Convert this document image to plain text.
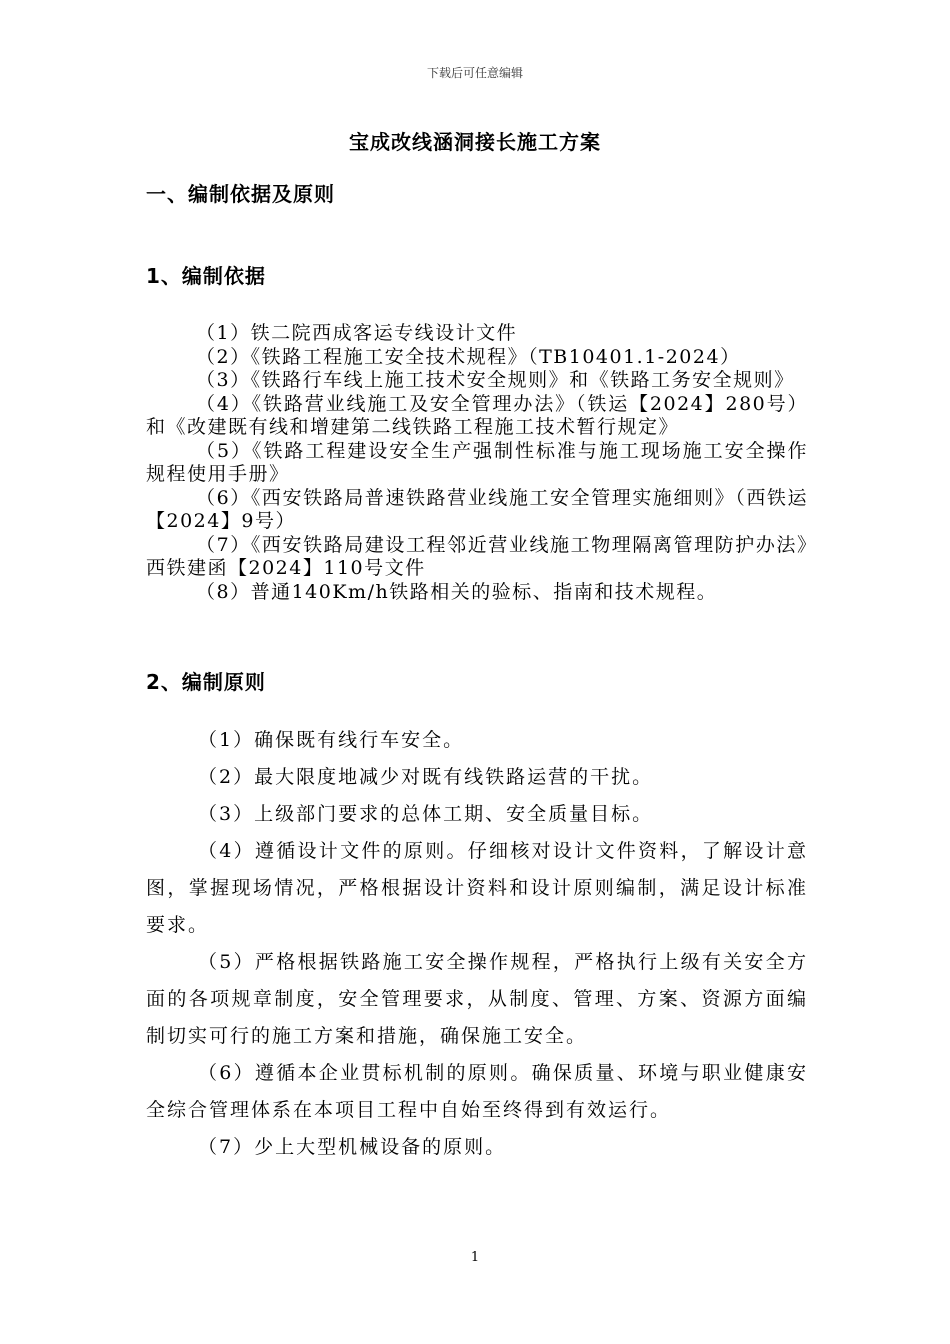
下载后可任意编辑
宝成改线涵洞接长施工方案
一、编制依据及原则
1、编制依据

（1）铁二院西成客运专线设计文件

（2）《铁路工程施工安全技术规程》（TB10401.1-2024）

（3）《铁路行车线上施工技术安全规则》和《铁路工务安全规则》

（4）《铁路营业线施工及安全管理办法》（铁运【2024】280号）和《改建既有线和增建第二线铁路工程施工技术暂行规定》

（5）《铁路工程建设安全生产强制性标准与施工现场施工安全操作规程使用手册》

（6）《西安铁路局普速铁路营业线施工安全管理实施细则》（西铁运【2024】9号）

（7）《西安铁路局建设工程邻近营业线施工物理隔离管理防护办法》西铁建函【2024】110号文件

（8）普通140Km/h铁路相关的验标、指南和技术规程。

2、编制原则

（1）确保既有线行车安全。

（2）最大限度地减少对既有线铁路运营的干扰。

（3）上级部门要求的总体工期、安全质量目标。

（4）遵循设计文件的原则。仔细核对设计文件资料，了解设计意图，掌握现场情况，严格根据设计资料和设计原则编制，满足设计标准要求。

（5）严格根据铁路施工安全操作规程，严格执行上级有关安全方面的各项规章制度，安全管理要求，从制度、管理、方案、资源方面编制切实可行的施工方案和措施，确保施工安全。

（6）遵循本企业贯标机制的原则。确保质量、环境与职业健康安全综合管理体系在本项目工程中自始至终得到有效运行。

（7）少上大型机械设备的原则。

1
